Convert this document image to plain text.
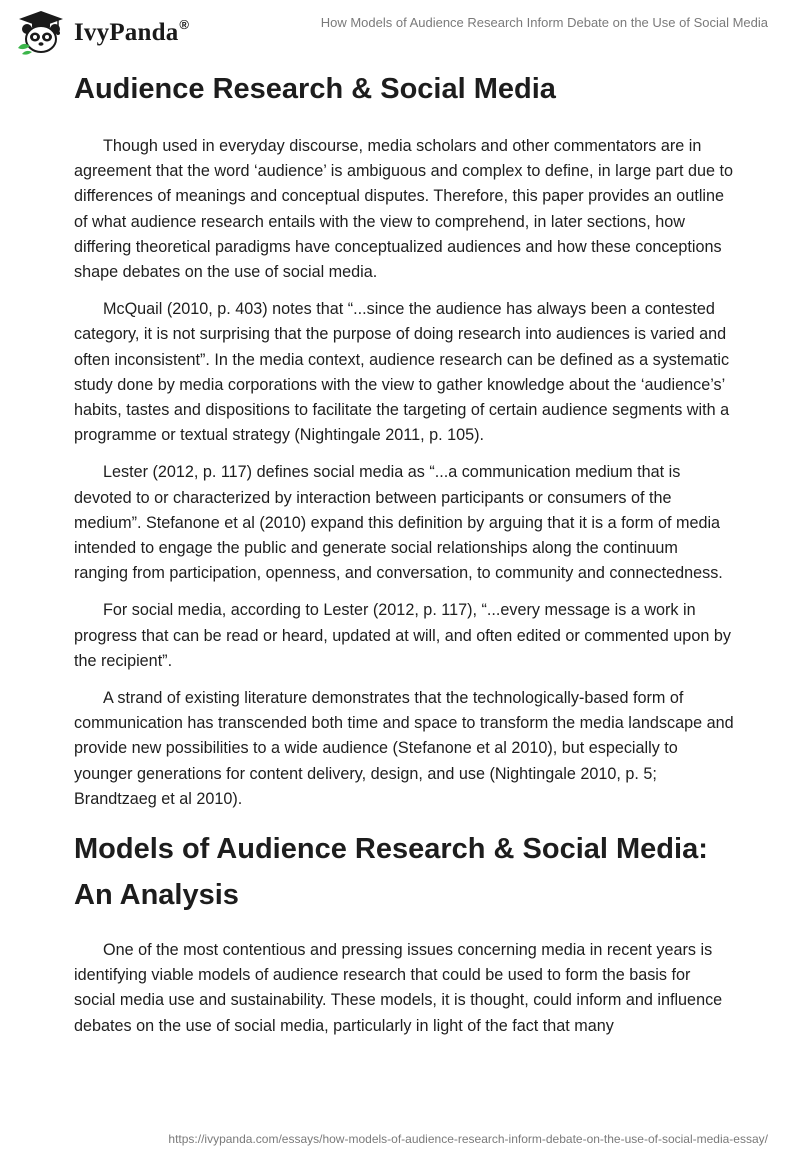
IvyPanda®	How Models of Audience Research Inform Debate on the Use of Social Media
Audience Research & Social Media

Though used in everyday discourse, media scholars and other commentators are in agreement that the word ‘audience’ is ambiguous and complex to define, in large part due to differences of meanings and conceptual disputes. Therefore, this paper provides an outline of what audience research entails with the view to comprehend, in later sections, how differing theoretical paradigms have conceptualized audiences and how these conceptions shape debates on the use of social media.

McQuail (2010, p. 403) notes that “...since the audience has always been a contested category, it is not surprising that the purpose of doing research into audiences is varied and often inconsistent”. In the media context, audience research can be defined as a systematic study done by media corporations with the view to gather knowledge about the ‘audience’s’ habits, tastes and dispositions to facilitate the targeting of certain audience segments with a programme or textual strategy (Nightingale 2011, p. 105).

Lester (2012, p. 117) defines social media as “...a communication medium that is devoted to or characterized by interaction between participants or consumers of the medium”. Stefanone et al (2010) expand this definition by arguing that it is a form of media intended to engage the public and generate social relationships along the continuum ranging from participation, openness, and conversation, to community and connectedness.

For social media, according to Lester (2012, p. 117), “...every message is a work in progress that can be read or heard, updated at will, and often edited or commented upon by the recipient”.

A strand of existing literature demonstrates that the technologically-based form of communication has transcended both time and space to transform the media landscape and provide new possibilities to a wide audience (Stefanone et al 2010), but especially to younger generations for content delivery, design, and use (Nightingale 2010, p. 5; Brandtzaeg et al 2010).

Models of Audience Research & Social Media: An Analysis

One of the most contentious and pressing issues concerning media in recent years is identifying viable models of audience research that could be used to form the basis for social media use and sustainability. These models, it is thought, could inform and influence debates on the use of social media, particularly in light of the fact that many

https://ivypanda.com/essays/how-models-of-audience-research-inform-debate-on-the-use-of-social-media-essay/
